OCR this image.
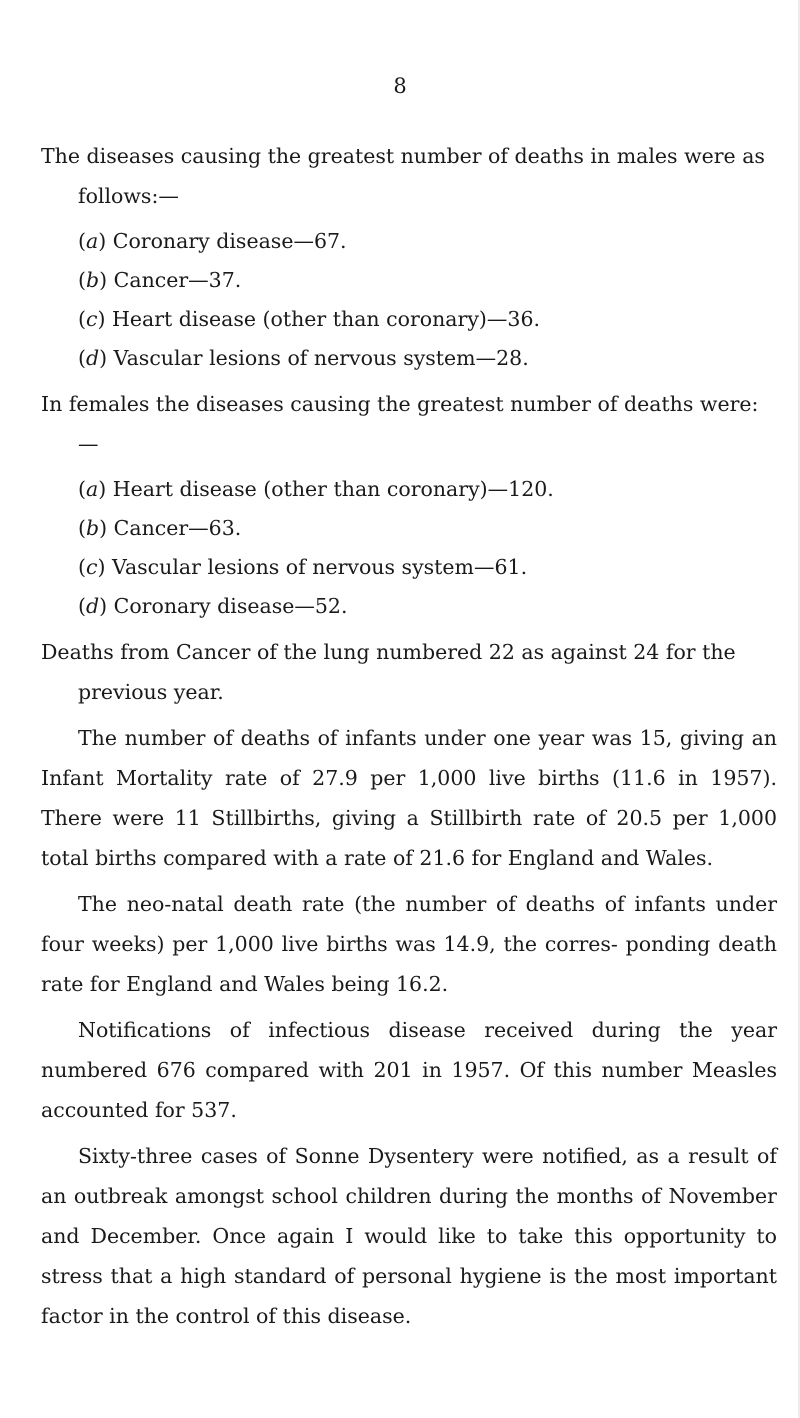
8

The diseases causing the greatest number of deaths in males were as follows:—

(a) Coronary disease—67.
(b) Cancer—37.
(c) Heart disease (other than coronary)—36.
(d) Vascular lesions of nervous system—28.

In females the diseases causing the greatest number of deaths were:—

(a) Heart disease (other than coronary)—120.
(b) Cancer—63.
(c) Vascular lesions of nervous system—61.
(d) Coronary disease—52.

Deaths from Cancer of the lung numbered 22 as against 24 for the previous year.

The number of deaths of infants under one year was 15, giving an Infant Mortality rate of 27.9 per 1,000 live births (11.6 in 1957). There were 11 Stillbirths, giving a Stillbirth rate of 20.5 per 1,000 total births compared with a rate of 21.6 for England and Wales.

The neo-natal death rate (the number of deaths of infants under four weeks) per 1,000 live births was 14.9, the corres- ponding death rate for England and Wales being 16.2.

Notifications of infectious disease received during the year numbered 676 compared with 201 in 1957. Of this number Measles accounted for 537.

Sixty-three cases of Sonne Dysentery were notified, as a result of an outbreak amongst school children during the months of November and December. Once again I would like to take this opportunity to stress that a high standard of personal hygiene is the most important factor in the control of this disease.
